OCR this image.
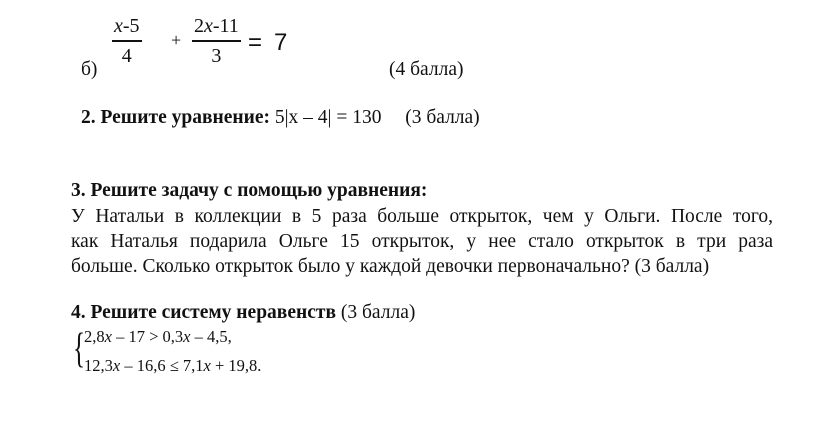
x-5
4
+
2x-11
3 = 7
б)	(4 балла)
2. Решите уравнение: 5|x – 4| = 130 (3 балла)
3. Решите задачу с помощью уравнения:
У Натальи в коллекции в 5 раза больше открыток, чем у Ольги. После того,
как Наталья подарила Ольге 15 открыток, у нее стало открыток в три раза
больше. Сколько открыток было у каждой девочки первоначально? (3 балла)
4. Решите систему неравенств (3 балла)
{
2,8x – 17 > 0,3x – 4,5,
12,3x – 16,6 ≤ 7,1x + 19,8.
